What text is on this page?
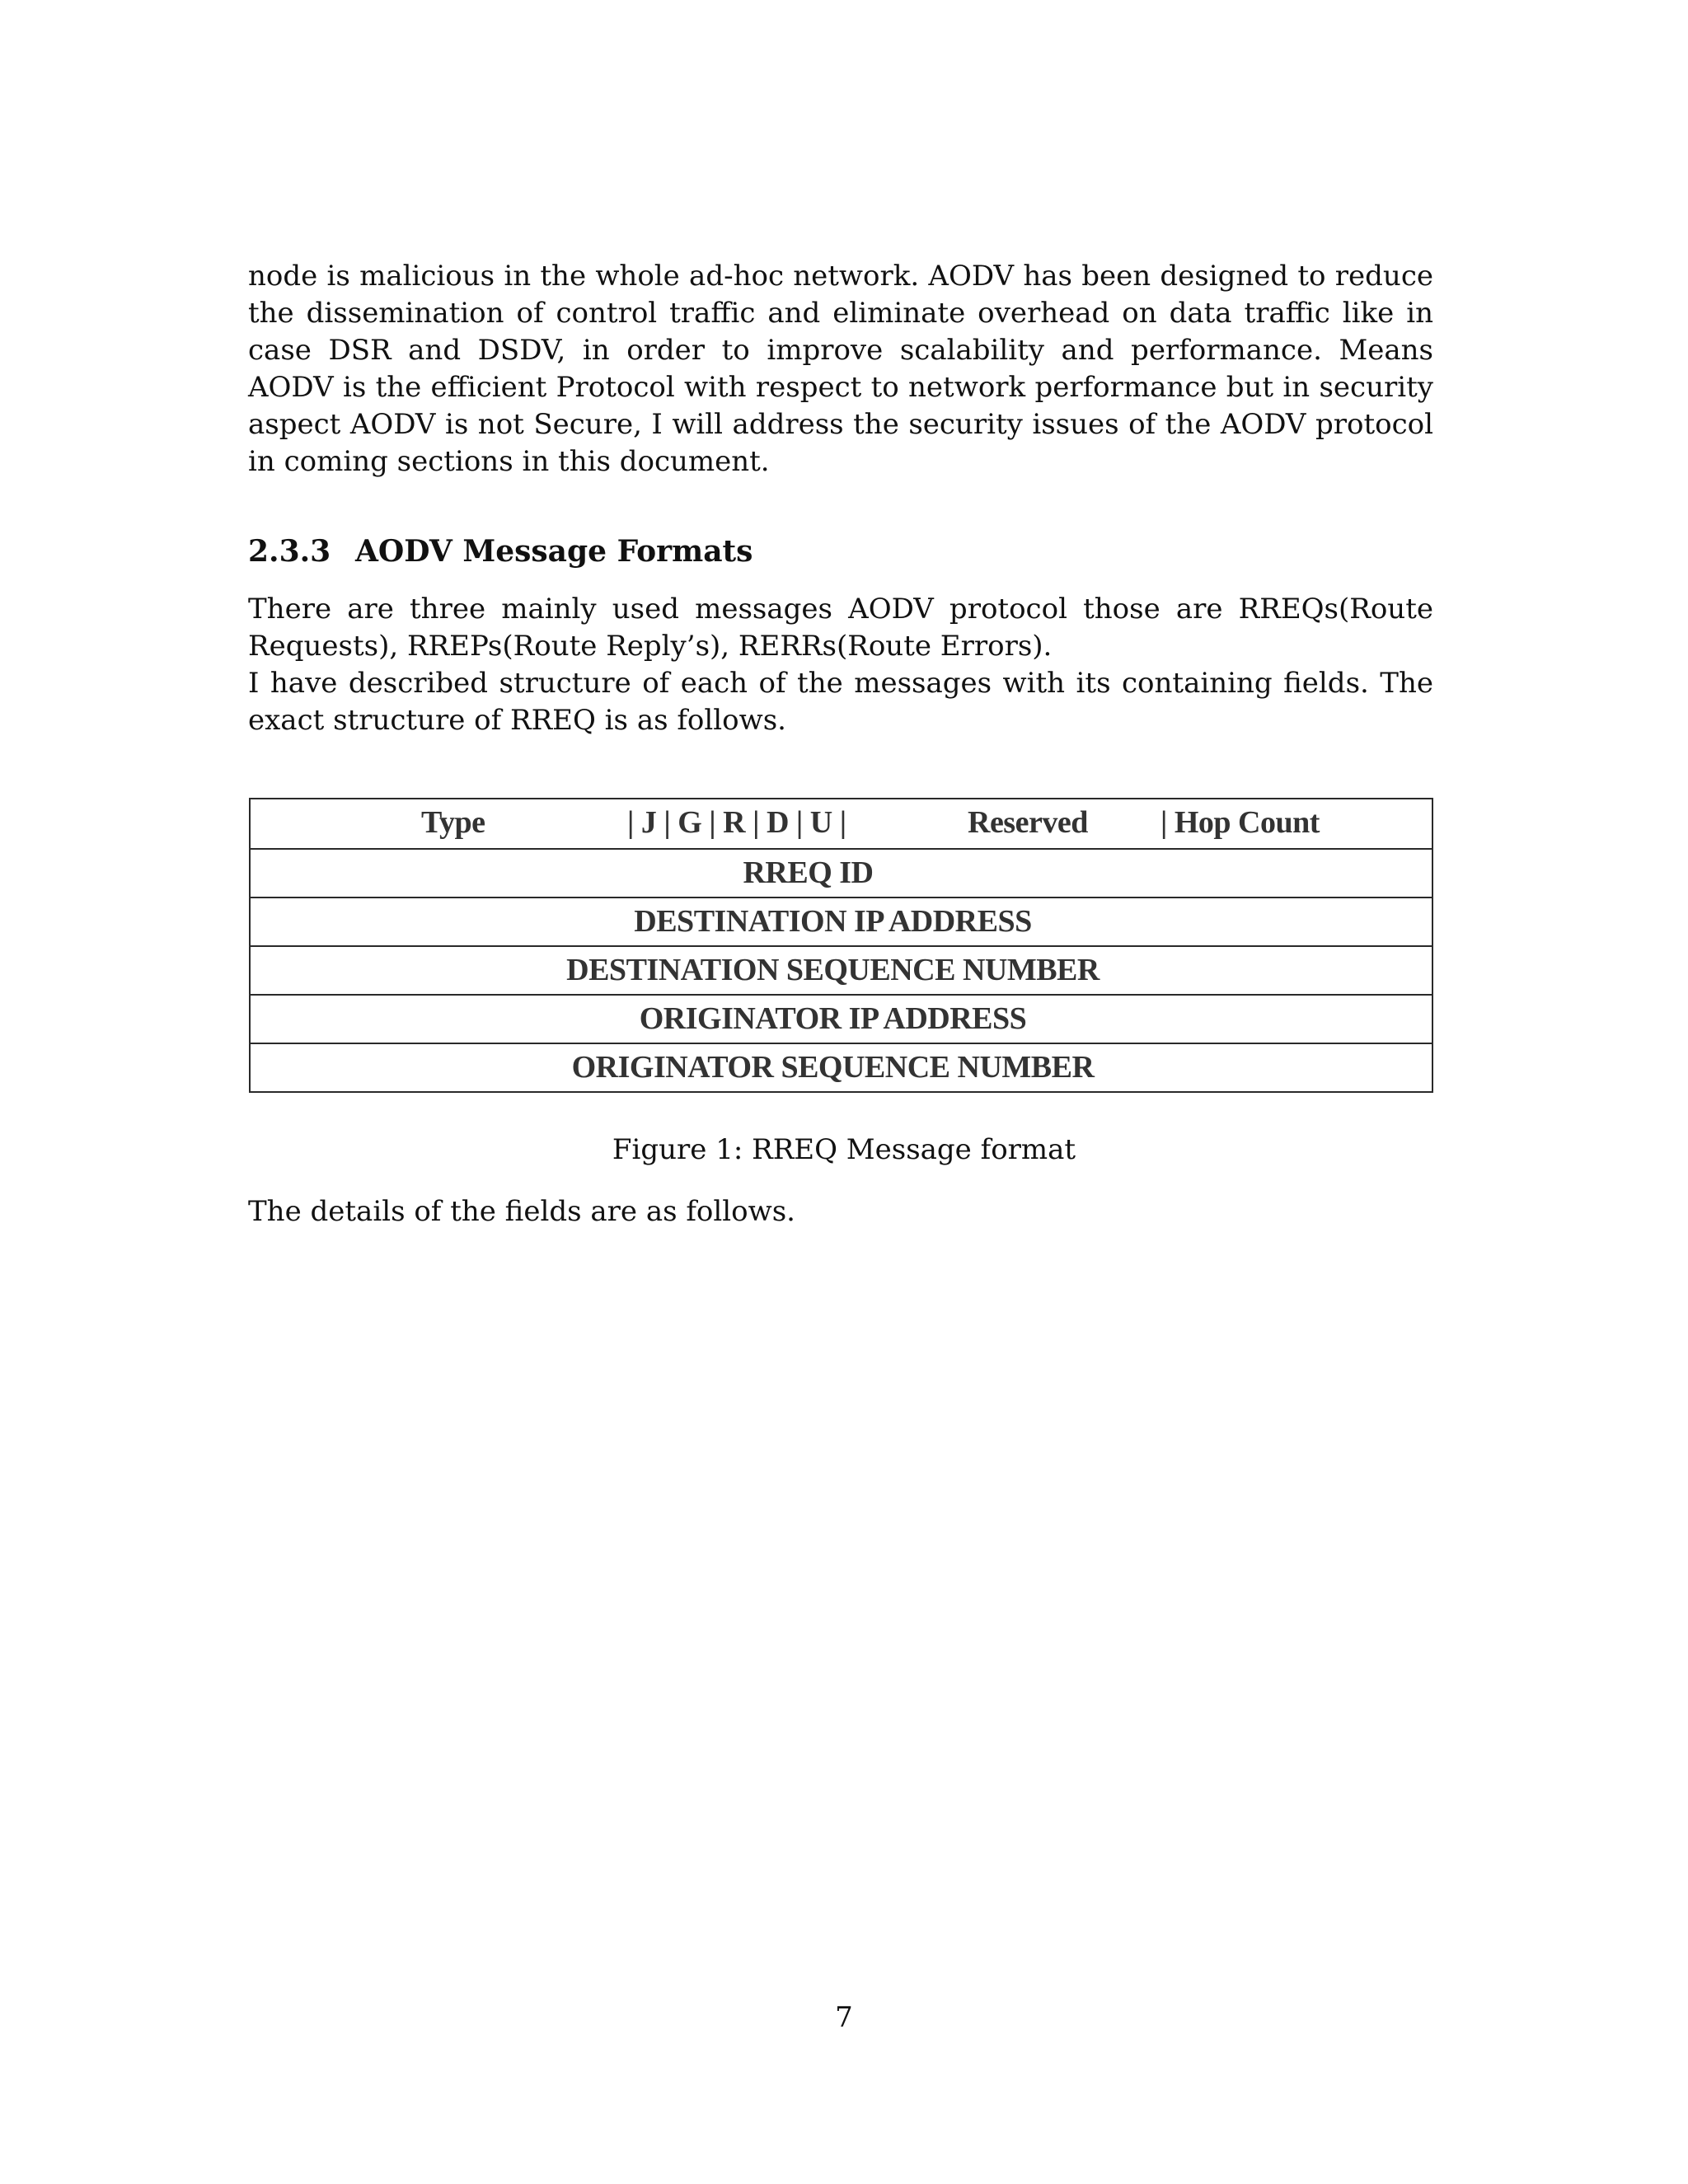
node is malicious in the whole ad-hoc network. AODV has been designed to reduce the dissemination of control traffic and eliminate overhead on data traffic like in case DSR and DSDV, in order to improve scalability and performance. Means AODV is the efficient Protocol with respect to network performance but in security aspect AODV is not Secure, I will address the security issues of the AODV protocol in coming sections in this document.

2.3.3 AODV Message Formats

There are three mainly used messages AODV protocol those are RREQs(Route Requests), RREPs(Route Reply’s), RERRs(Route Errors).

I have described structure of each of the messages with its containing fields. The exact structure of RREQ is as follows.

Type	| J | G | R | D | U |	Reserved | Hop Count
RREQ ID
DESTINATION IP ADDRESS
DESTINATION SEQUENCE NUMBER
ORIGINATOR IP ADDRESS
ORIGINATOR SEQUENCE NUMBER
Figure 1: RREQ Message format

The details of the fields are as follows.

7
